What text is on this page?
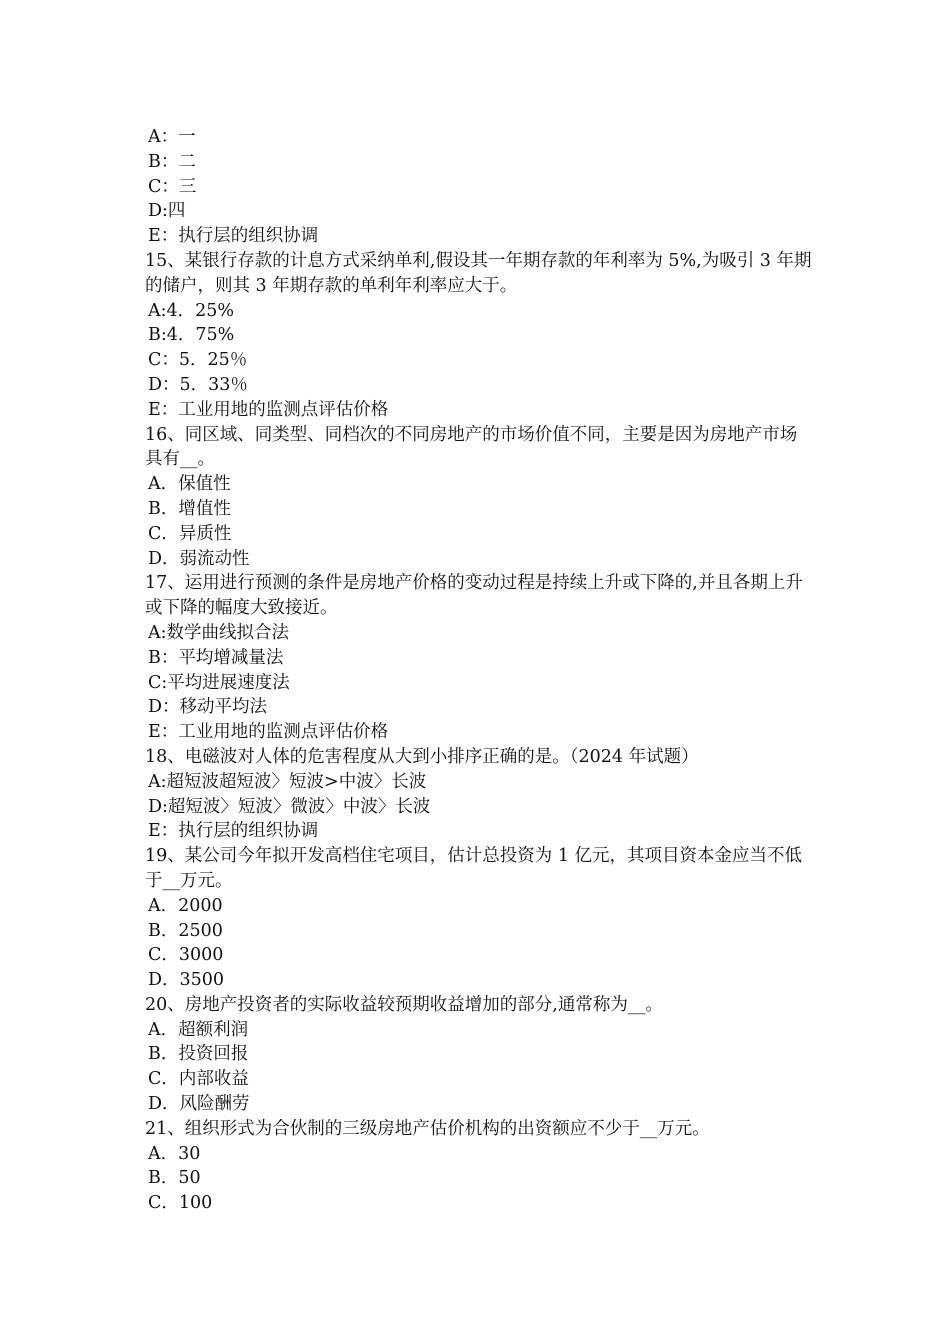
A：一
B：二
C：三
D:四
E：执行层的组织协调
15、某银行存款的计息方式采纳单利,假设其一年期存款的年利率为 5%,为吸引 3 年期的储户，则其 3 年期存款的单利年利率应大于。
A:4．25%
B:4．75%
C：5．25％
D：5．33％
E：工业用地的监测点评估价格
16、同区域、同类型、同档次的不同房地产的市场价值不同，主要是因为房地产市场具有__。
A．保值性
B．增值性
C．异质性
D．弱流动性
17、运用进行预测的条件是房地产价格的变动过程是持续上升或下降的,并且各期上升或下降的幅度大致接近。
A:数学曲线拟合法
B：平均增减量法
C:平均进展速度法
D：移动平均法
E：工业用地的监测点评估价格
18、电磁波对人体的危害程度从大到小排序正确的是。（2024 年试题）
A:超短波超短波〉短波>中波〉长波
D:超短波〉短波〉微波〉中波〉长波
E：执行层的组织协调
19、某公司今年拟开发高档住宅项目，估计总投资为 1 亿元，其项目资本金应当不低于__万元。
A．2000
B．2500
C．3000
D．3500
20、房地产投资者的实际收益较预期收益增加的部分,通常称为__。
A．超额利润
B．投资回报
C．内部收益
D．风险酬劳
21、组织形式为合伙制的三级房地产估价机构的出资额应不少于__万元。
A．30
B．50
C．100
